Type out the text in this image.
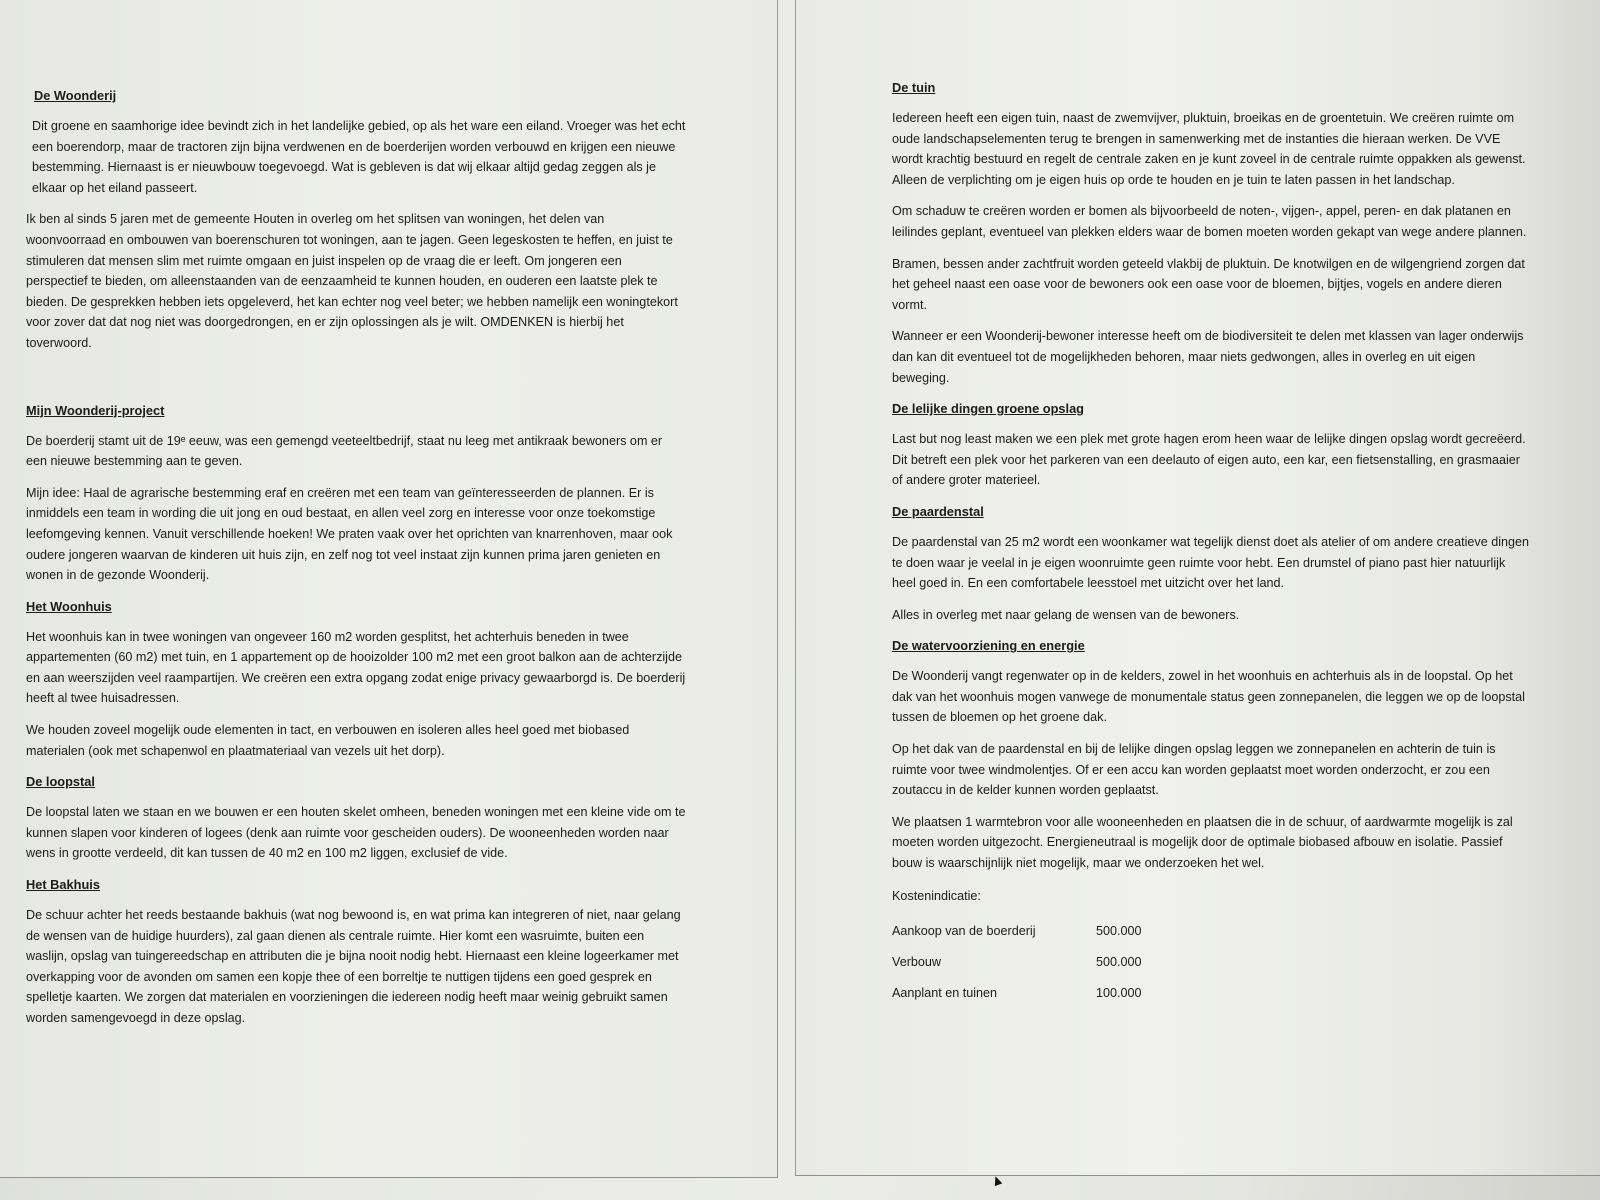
De Woonderij

Dit groene en saamhorige idee bevindt zich in het landelijke gebied, op als het ware een eiland. Vroeger was het echt een boerendorp, maar de tractoren zijn bijna verdwenen en de boerderijen worden verbouwd en krijgen een nieuwe bestemming. Hiernaast is er nieuwbouw toegevoegd. Wat is gebleven is dat wij elkaar altijd gedag zeggen als je elkaar op het eiland passeert.

Ik ben al sinds 5 jaren met de gemeente Houten in overleg om het splitsen van woningen, het delen van woonvoorraad en ombouwen van boerenschuren tot woningen, aan te jagen. Geen legeskosten te heffen, en juist te stimuleren dat mensen slim met ruimte omgaan en juist inspelen op de vraag die er leeft. Om jongeren een perspectief te bieden, om alleenstaanden van de eenzaamheid te kunnen houden, en ouderen een laatste plek te bieden. De gesprekken hebben iets opgeleverd, het kan echter nog veel beter; we hebben namelijk een woningtekort voor zover dat dat nog niet was doorgedrongen, en er zijn oplossingen als je wilt. OMDENKEN is hierbij het toverwoord.

Mijn Woonderij-project

De boerderij stamt uit de 19ᵉ eeuw, was een gemengd veeteeltbedrijf, staat nu leeg met antikraak bewoners om er een nieuwe bestemming aan te geven.

Mijn idee: Haal de agrarische bestemming eraf en creëren met een team van geïnteresseerden de plannen. Er is inmiddels een team in wording die uit jong en oud bestaat, en allen veel zorg en interesse voor onze toekomstige leefomgeving kennen. Vanuit verschillende hoeken! We praten vaak over het oprichten van knarrenhoven, maar ook oudere jongeren waarvan de kinderen uit huis zijn, en zelf nog tot veel instaat zijn kunnen prima jaren genieten en wonen in de gezonde Woonderij.

Het Woonhuis

Het woonhuis kan in twee woningen van ongeveer 160 m2 worden gesplitst, het achterhuis beneden in twee appartementen (60 m2) met tuin, en 1 appartement op de hooizolder 100 m2 met een groot balkon aan de achterzijde en aan weerszijden veel raampartijen. We creëren een extra opgang zodat enige privacy gewaarborgd is. De boerderij heeft al twee huisadressen.

We houden zoveel mogelijk oude elementen in tact, en verbouwen en isoleren alles heel goed met biobased materialen (ook met schapenwol en plaatmateriaal van vezels uit het dorp).

De loopstal

De loopstal laten we staan en we bouwen er een houten skelet omheen, beneden woningen met een kleine vide om te kunnen slapen voor kinderen of logees (denk aan ruimte voor gescheiden ouders). De wooneenheden worden naar wens in grootte verdeeld, dit kan tussen de 40 m2 en 100 m2 liggen, exclusief de vide.

Het Bakhuis

De schuur achter het reeds bestaande bakhuis (wat nog bewoond is, en wat prima kan integreren of niet, naar gelang de wensen van de huidige huurders), zal gaan dienen als centrale ruimte. Hier komt een wasruimte, buiten een waslijn, opslag van tuingereedschap en attributen die je bijna nooit nodig hebt. Hiernaast een kleine logeerkamer met overkapping voor de avonden om samen een kopje thee of een borreltje te nuttigen tijdens een goed gesprek en spelletje kaarten. We zorgen dat materialen en voorzieningen die iedereen nodig heeft maar weinig gebruikt samen worden samengevoegd in deze opslag.

De tuin

Iedereen heeft een eigen tuin, naast de zwemvijver, pluktuin, broeikas en de groentetuin. We creëren ruimte om oude landschapselementen terug te brengen in samenwerking met de instanties die hieraan werken. De VVE wordt krachtig bestuurd en regelt de centrale zaken en je kunt zoveel in de centrale ruimte oppakken als gewenst. Alleen de verplichting om je eigen huis op orde te houden en je tuin te laten passen in het landschap.

Om schaduw te creëren worden er bomen als bijvoorbeeld de noten-, vijgen-, appel, peren- en dak platanen en leilindes geplant, eventueel van plekken elders waar de bomen moeten worden gekapt van wege andere plannen.

Bramen, bessen ander zachtfruit worden geteeld vlakbij de pluktuin. De knotwilgen en de wilgengriend zorgen dat het geheel naast een oase voor de bewoners ook een oase voor de bloemen, bijtjes, vogels en andere dieren vormt.

Wanneer er een Woonderij-bewoner interesse heeft om de biodiversiteit te delen met klassen van lager onderwijs dan kan dit eventueel tot de mogelijkheden behoren, maar niets gedwongen, alles in overleg en uit eigen beweging.

De lelijke dingen groene opslag

Last but nog least maken we een plek met grote hagen erom heen waar de lelijke dingen opslag wordt gecreëerd. Dit betreft een plek voor het parkeren van een deelauto of eigen auto, een kar, een fietsenstalling, en grasmaaier of andere groter materieel.

De paardenstal

De paardenstal van 25 m2 wordt een woonkamer wat tegelijk dienst doet als atelier of om andere creatieve dingen te doen waar je veelal in je eigen woonruimte geen ruimte voor hebt. Een drumstel of piano past hier natuurlijk heel goed in. En een comfortabele leesstoel met uitzicht over het land.

Alles in overleg met naar gelang de wensen van de bewoners.

De watervoorziening en energie

De Woonderij vangt regenwater op in de kelders, zowel in het woonhuis en achterhuis als in de loopstal. Op het dak van het woonhuis mogen vanwege de monumentale status geen zonnepanelen, die leggen we op de loopstal tussen de bloemen op het groene dak.

Op het dak van de paardenstal en bij de lelijke dingen opslag leggen we zonnepanelen en achterin de tuin is ruimte voor twee windmolentjes. Of er een accu kan worden geplaatst moet worden onderzocht, er zou een zoutaccu in de kelder kunnen worden geplaatst.

We plaatsen 1 warmtebron voor alle wooneenheden en plaatsen die in de schuur, of aardwarmte mogelijk is zal moeten worden uitgezocht. Energieneutraal is mogelijk door de optimale biobased afbouw en isolatie. Passief bouw is waarschijnlijk niet mogelijk, maar we onderzoeken het wel.

Kostenindicatie:
Aankoop van de boerderij	500.000
Verbouw	500.000
Aanplant en tuinen	100.000
